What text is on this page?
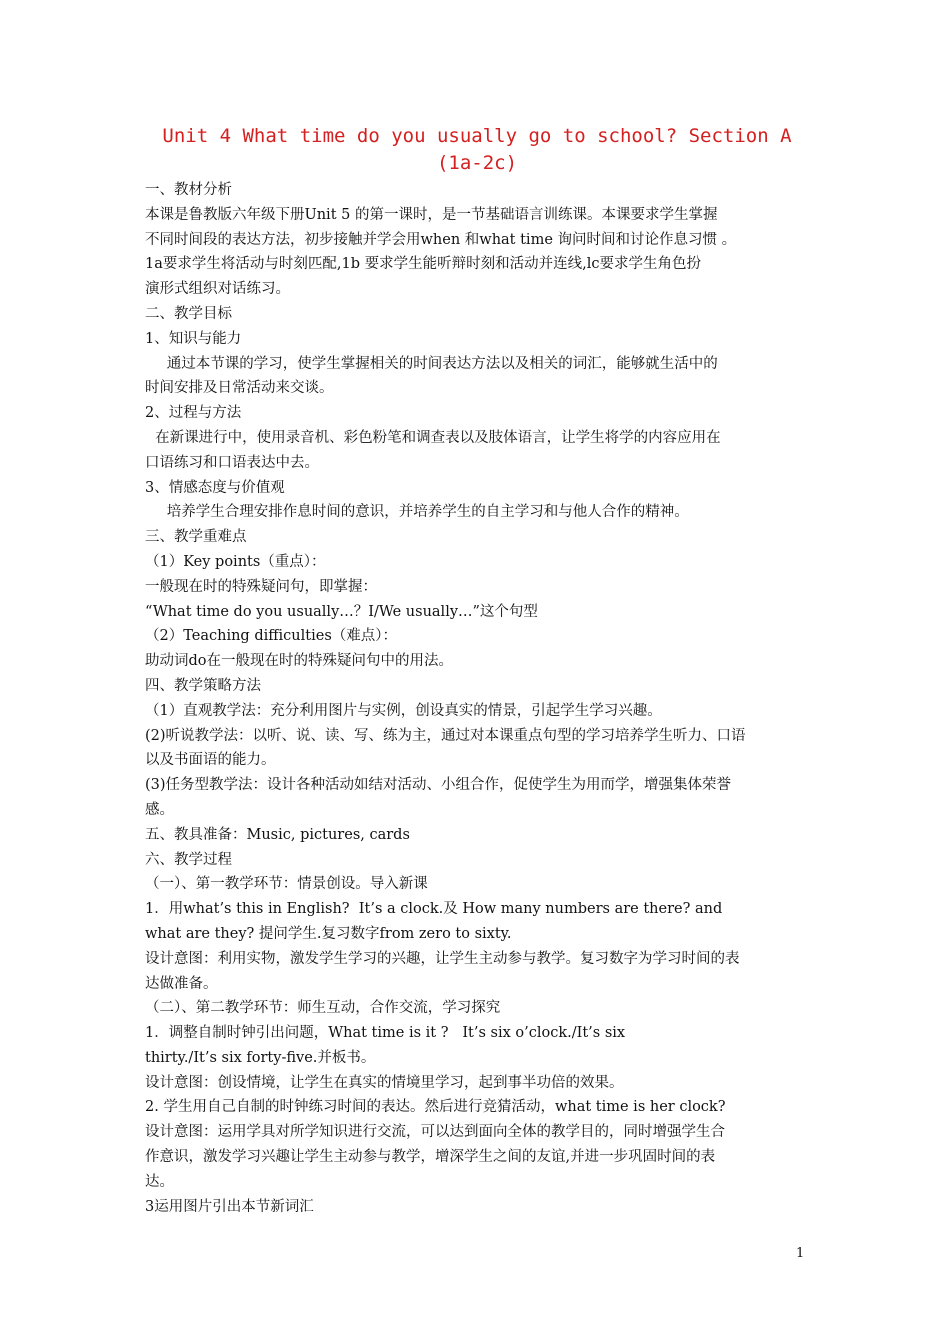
Unit 4 What time do you usually go to school? Section A
(1a-2c)

一、教材分析

本课是鲁教版六年级下册Unit 5 的第一课时，是一节基础语言训练课。本课要求学生掌握

不同时间段的表达方法，初步接触并学会用when 和what time 询问时间和讨论作息习惯 。

1a要求学生将活动与时刻匹配,1b 要求学生能听辩时刻和活动并连线,lc要求学生角色扮

演形式组织对话练习。

二、教学目标

1、知识与能力

通过本节课的学习，使学生掌握相关的时间表达方法以及相关的词汇，能够就生活中的

时间安排及日常活动来交谈。

2、过程与方法

在新课进行中，使用录音机、彩色粉笔和调查表以及肢体语言，让学生将学的内容应用在

口语练习和口语表达中去。

3、情感态度与价值观

培养学生合理安排作息时间的意识，并培养学生的自主学习和与他人合作的精神。

三、教学重难点

（1）Key points（重点）：

一般现在时的特殊疑问句，即掌握：

“What time do you usually…？I/We usually…”这个句型

（2）Teaching difficulties（难点）：

助动词do在一般现在时的特殊疑问句中的用法。

四、教学策略方法

（1）直观教学法：充分利用图片与实例，创设真实的情景，引起学生学习兴趣。

(2)听说教学法：以听、说、读、写、练为主，通过对本课重点句型的学习培养学生听力、口语

以及书面语的能力。

(3)任务型教学法：设计各种活动如结对活动、小组合作，促使学生为用而学，增强集体荣誉

感。

五、教具准备：Music, pictures, cards

六、教学过程

（一）、第一教学环节：情景创设。导入新课

1．用what’s this in English?  It’s a clock.及 How many numbers are there? and

what are they? 提问学生.复习数字from zero to sixty.

设计意图：利用实物，激发学生学习的兴趣，让学生主动参与教学。复习数字为学习时间的表

达做准备。

（二）、第二教学环节：师生互动，合作交流，学习探究

1．调整自制时钟引出问题，What time is it ?   It’s six o’clock./It’s six

thirty./It’s six forty-five.并板书。

设计意图：创设情境，让学生在真实的情境里学习，起到事半功倍的效果。

2. 学生用自己自制的时钟练习时间的表达。然后进行竞猜活动，what time is her clock?

设计意图：运用学具对所学知识进行交流，可以达到面向全体的教学目的，同时增强学生合

作意识，激发学习兴趣让学生主动参与教学，增深学生之间的友谊,并进一步巩固时间的表

达。

3运用图片引出本节新词汇

1
